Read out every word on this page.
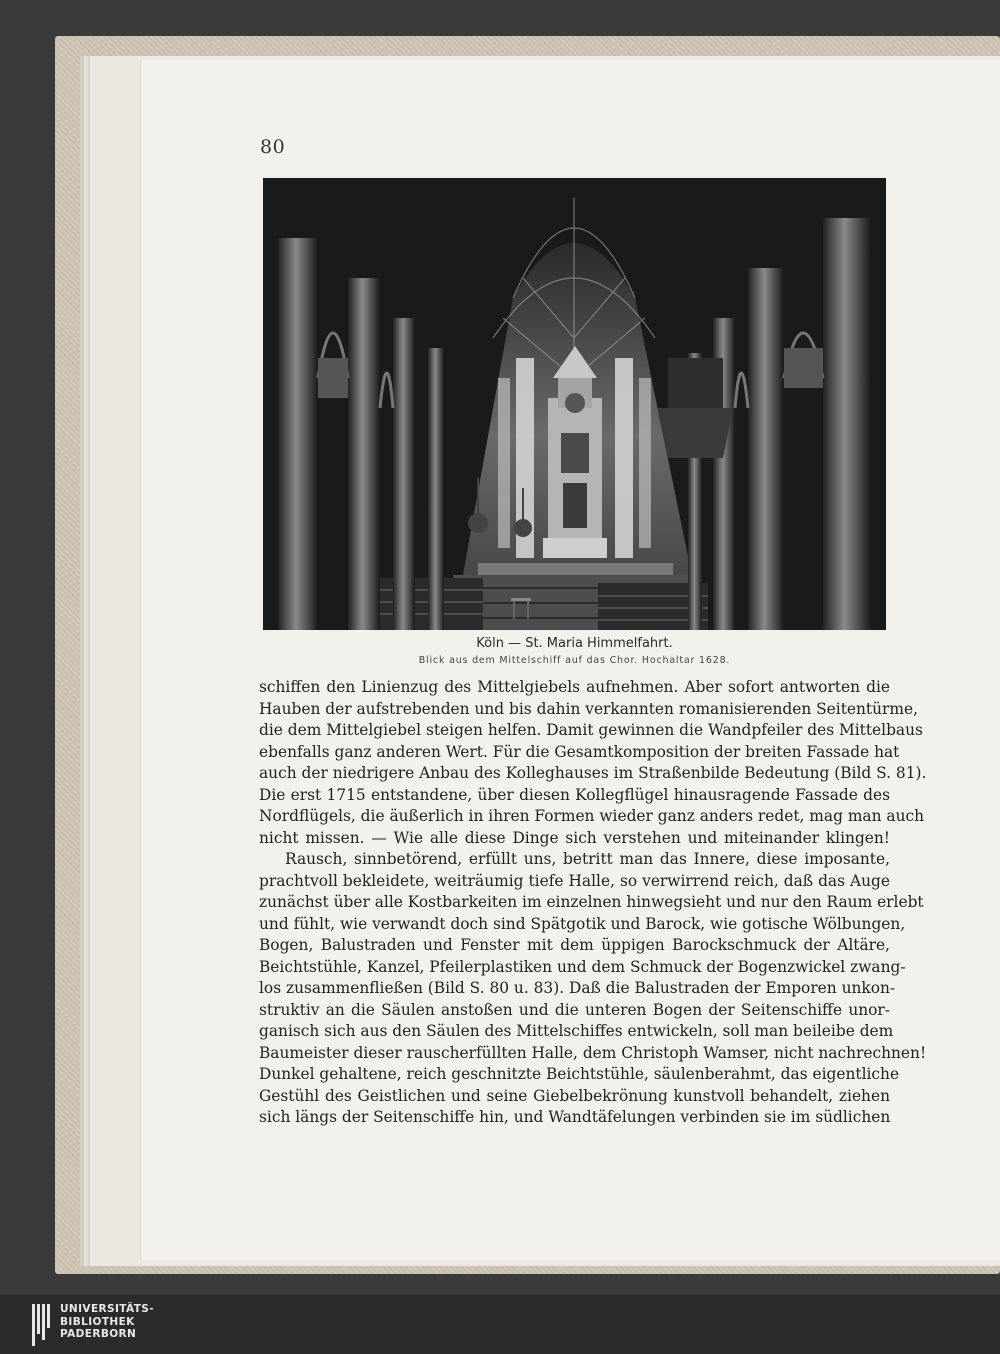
80
Köln — St. Maria Himmelfahrt.
Blick aus dem Mittelschiff auf das Chor. Hochaltar 1628.
schiffen den Linienzug des Mittelgiebels aufnehmen. Aber sofort antworten die
Hauben der aufstrebenden und bis dahin verkannten romanisierenden Seitentürme,
die dem Mittelgiebel steigen helfen. Damit gewinnen die Wandpfeiler des Mittelbaus
ebenfalls ganz anderen Wert. Für die Gesamtkomposition der breiten Fassade hat
auch der niedrigere Anbau des Kolleghauses im Straßenbilde Bedeutung (Bild S. 81).
Die erst 1715 entstandene, über diesen Kollegflügel hinausragende Fassade des
Nordflügels, die äußerlich in ihren Formen wieder ganz anders redet, mag man auch
nicht missen. — Wie alle diese Dinge sich verstehen und miteinander klingen!
Rausch, sinnbetörend, erfüllt uns, betritt man das Innere, diese imposante,
prachtvoll bekleidete, weiträumig tiefe Halle, so verwirrend reich, daß das Auge
zunächst über alle Kostbarkeiten im einzelnen hinwegsieht und nur den Raum erlebt
und fühlt, wie verwandt doch sind Spätgotik und Barock, wie gotische Wölbungen,
Bogen, Balustraden und Fenster mit dem üppigen Barockschmuck der Altäre,
Beichtstühle, Kanzel, Pfeilerplastiken und dem Schmuck der Bogenzwickel zwang-
los zusammenfließen (Bild S. 80 u. 83). Daß die Balustraden der Emporen unkon-
struktiv an die Säulen anstoßen und die unteren Bogen der Seitenschiffe unor-
ganisch sich aus den Säulen des Mittelschiffes entwickeln, soll man beileibe dem
Baumeister dieser rauscherfüllten Halle, dem Christoph Wamser, nicht nachrechnen!
Dunkel gehaltene, reich geschnitzte Beichtstühle, säulenberahmt, das eigentliche
Gestühl des Geistlichen und seine Giebelbekrönung kunstvoll behandelt, ziehen
sich längs der Seitenschiffe hin, und Wandtäfelungen verbinden sie im südlichen
UNIVERSITÄTS-
BIBLIOTHEK
PADERBORN
